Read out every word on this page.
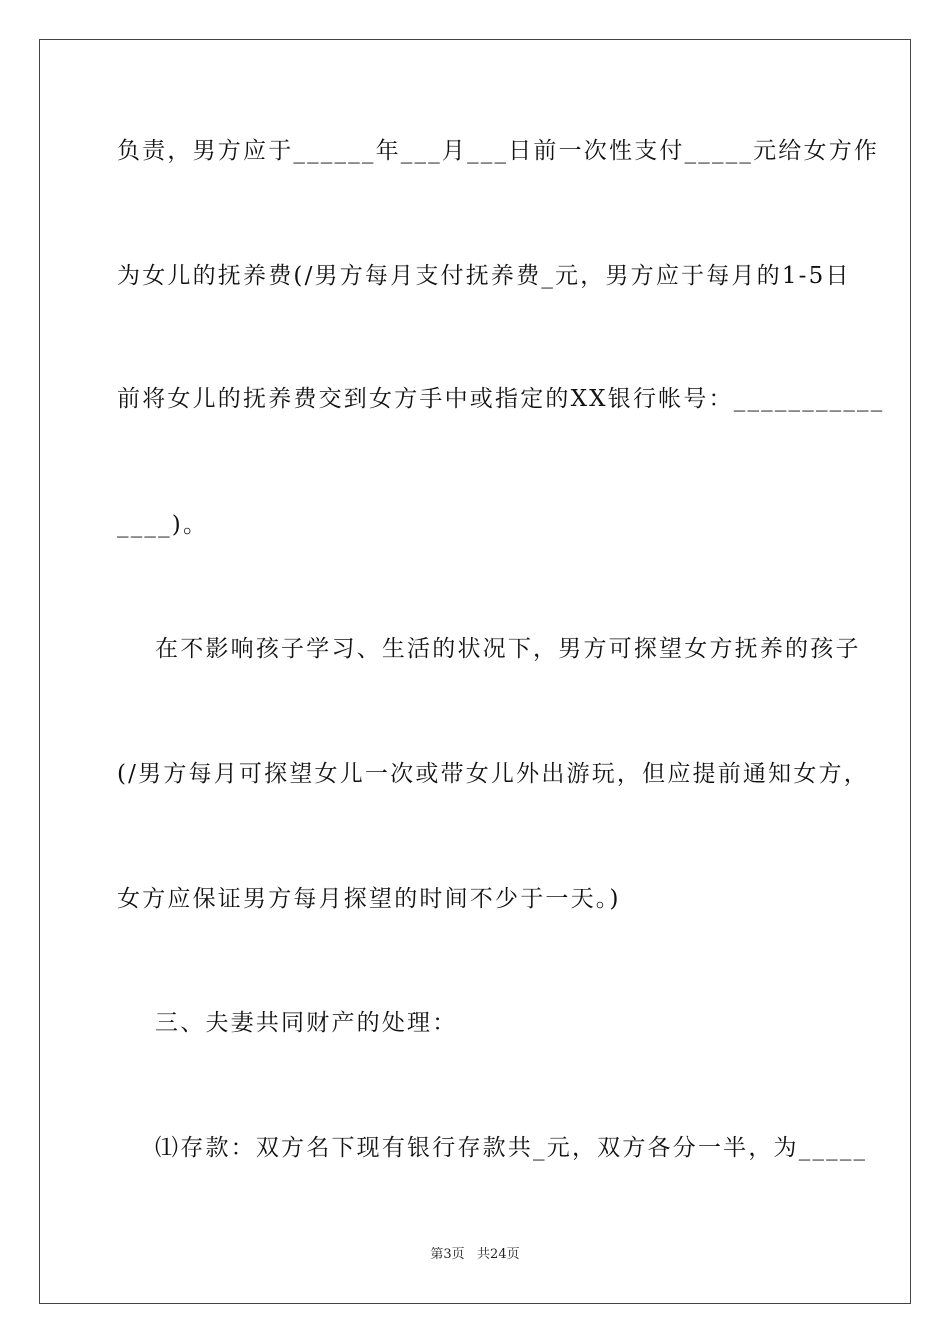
负责，男方应于______年___月___日前一次性支付_____元给女方作
为女儿的抚养费(/男方每月支付抚养费_元，男方应于每月的1-5日
前将女儿的抚养费交到女方手中或指定的XX银行帐号：___________
____)。
在不影响孩子学习、生活的状况下，男方可探望女方抚养的孩子
(/男方每月可探望女儿一次或带女儿外出游玩，但应提前通知女方，
女方应保证男方每月探望的时间不少于一天。)
三、夫妻共同财产的处理：
⑴存款：双方名下现有银行存款共_元，双方各分一半，为_____
第3页   共24页
